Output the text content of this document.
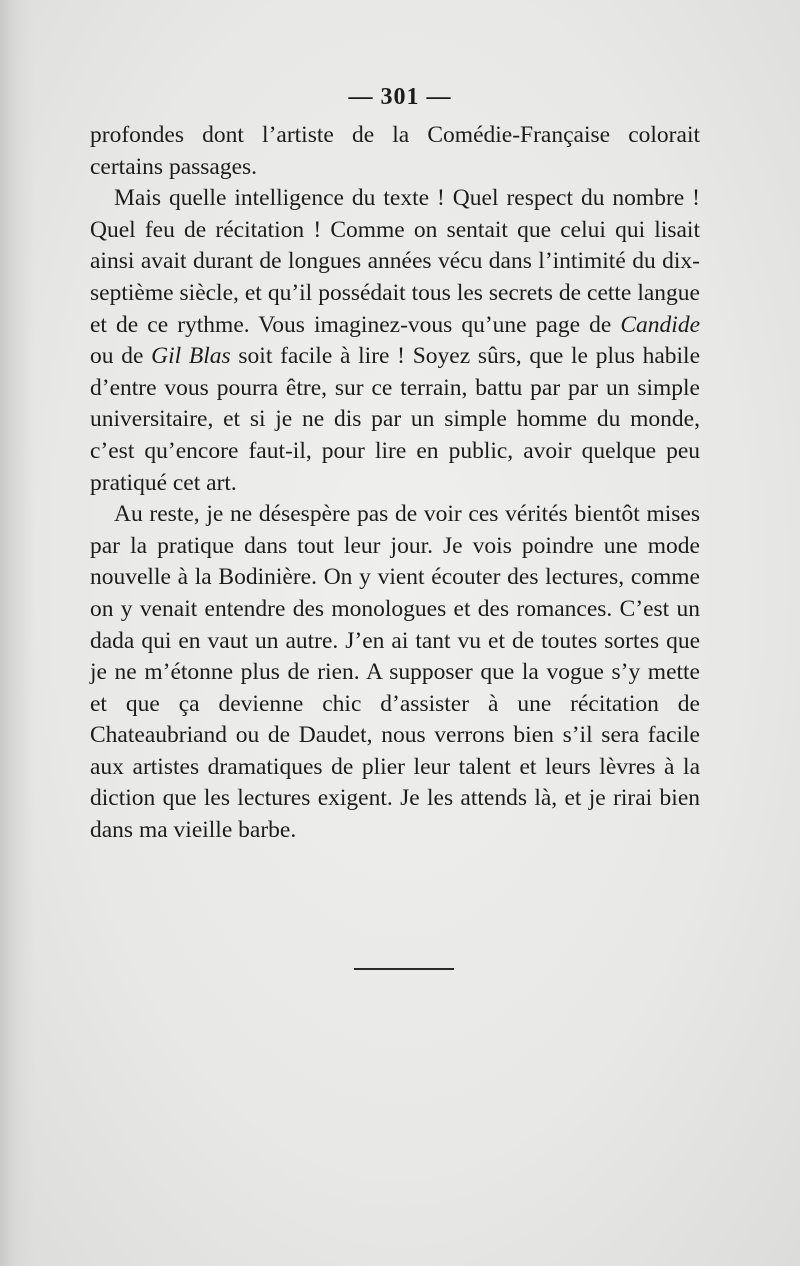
— 301 —

profondes dont l’artiste de la Comédie-Française colorait certains passages.

Mais quelle intelligence du texte ! Quel respect du nombre ! Quel feu de récitation ! Comme on sentait que celui qui lisait ainsi avait durant de longues années vécu dans l’intimité du dix-septième siècle, et qu’il possédait tous les secrets de cette langue et de ce rythme. Vous imaginez-vous qu’une page de Candide ou de Gil Blas soit facile à lire ! Soyez sûrs, que le plus habile d’entre vous pourra être, sur ce terrain, battu par par un simple universitaire, et si je ne dis par un simple homme du monde, c’est qu’encore faut-il, pour lire en public, avoir quelque peu pratiqué cet art.

Au reste, je ne désespère pas de voir ces vérités bientôt mises par la pratique dans tout leur jour. Je vois poindre une mode nouvelle à la Bodinière. On y vient écouter des lectures, comme on y venait entendre des monologues et des romances. C’est un dada qui en vaut un autre. J’en ai tant vu et de toutes sortes que je ne m’étonne plus de rien. A supposer que la vogue s’y mette et que ça devienne chic d’assister à une récitation de Chateaubriand ou de Daudet, nous verrons bien s’il sera facile aux artistes dramatiques de plier leur talent et leurs lèvres à la diction que les lectures exigent. Je les attends là, et je rirai bien dans ma vieille barbe.
